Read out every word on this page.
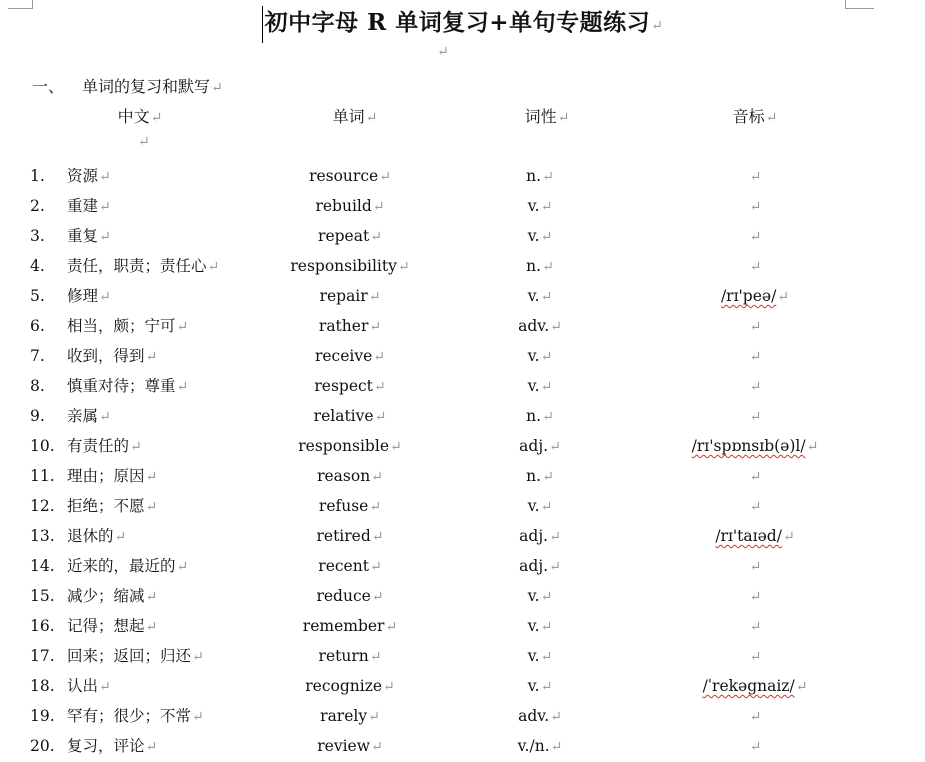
初中字母 R 单词复习+单句专题练习↵
↵
一、 单词的复习和默写↵
中文↵	单词↵	词性↵	音标↵
↵
1.	资源↵	resource↵	n.↵	↵
2.	重建↵	rebuild↵	v.↵	↵
3.	重复↵	repeat↵	v.↵	↵
4.	责任，职责；责任心↵	responsibility↵	n.↵	↵
5.	修理↵	repair↵	v.↵	/rɪ'peə/↵
6.	相当，颇；宁可↵	rather↵	adv.↵	↵
7.	收到，得到↵	receive↵	v.↵	↵
8.	慎重对待；尊重↵	respect↵	v.↵	↵
9.	亲属↵	relative↵	n.↵	↵
10. 有责任的↵	responsible↵	adj.↵	/rɪ'spɒnsɪb(ə)l/↵
11. 理由；原因↵	reason↵	n.↵	↵
12. 拒绝；不愿↵	refuse↵	v.↵	↵
13. 退休的↵	retired↵	adj.↵	/rɪ'taɪəd/↵
14. 近来的，最近的↵	recent↵	adj.↵	↵
15. 减少；缩减↵	reduce↵	v.↵	↵
16. 记得；想起↵	remember↵	v.↵	↵
17. 回来；返回；归还↵	return↵	v.↵	↵
18. 认出↵	recognize↵	v.↵	/ˈrekəgnaiz/↵
19. 罕有；很少；不常↵	rarely↵	adv.↵	↵
20. 复习，评论↵	review↵	v./n.↵	↵
